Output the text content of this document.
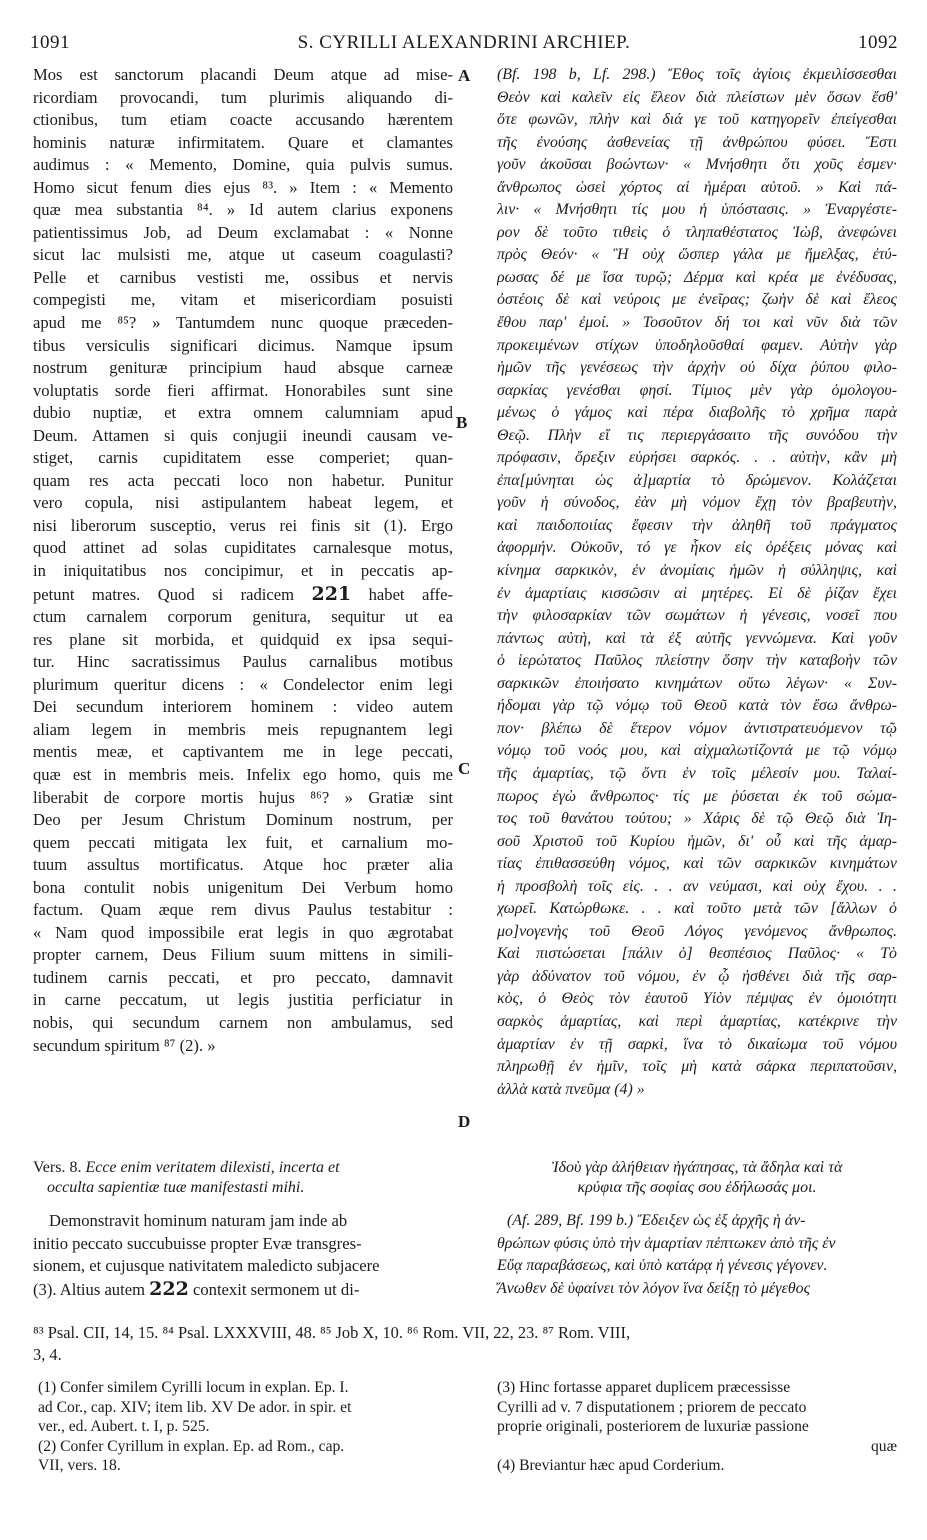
1091	S. CYRILLI ALEXANDRINI ARCHIEP.	1092
A
B
C
D
Mos est sanctorum placandi Deum atque ad mise-
ricordiam provocandi, tum plurimis aliquando di-
ctionibus, tum etiam coacte accusando hærentem
hominis naturæ infirmitatem. Quare et clamantes
audimus : « Memento, Domine, quia pulvis sumus.
Homo sicut fenum dies ejus ⁸³. » Item : « Memento
quæ mea substantia ⁸⁴. » Id autem clarius exponens
patientissimus Job, ad Deum exclamabat : « Nonne
sicut lac mulsisti me, atque ut caseum coagulasti?
Pelle et carnibus vestisti me, ossibus et nervis
compegisti me, vitam et misericordiam posuisti
apud me ⁸⁵? » Tantumdem nunc quoque præceden-
tibus versiculis significari dicimus. Namque ipsum
nostrum genituræ principium haud absque carneæ
voluptatis sorde fieri affirmat. Honorabiles sunt sine
dubio nuptiæ, et extra omnem calumniam apud
Deum. Attamen si quis conjugii ineundi causam ve-
stiget, carnis cupiditatem esse comperiet; quan-
quam res acta peccati loco non habetur. Punitur
vero copula, nisi astipulantem habeat legem, et
nisi liberorum susceptio, verus rei finis sit (1). Ergo
quod attinet ad solas cupiditates carnalesque motus,
in iniquitatibus nos concipimur, et in peccatis ap-
petunt matres. Quod si radicem 221 habet affe-
ctum carnalem corporum genitura, sequitur ut ea
res plane sit morbida, et quidquid ex ipsa sequi-
tur. Hinc sacratissimus Paulus carnalibus motibus
plurimum queritur dicens : « Condelector enim legi
Dei secundum interiorem hominem : video autem
aliam legem in membris meis repugnantem legi
mentis meæ, et captivantem me in lege peccati,
quæ est in membris meis. Infelix ego homo, quis me
liberabit de corpore mortis hujus ⁸⁶? » Gratiæ sint
Deo per Jesum Christum Dominum nostrum, per
quem peccati mitigata lex fuit, et carnalium mo-
tuum assultus mortificatus. Atque hoc præter alia
bona contulit nobis unigenitum Dei Verbum homo
factum. Quam æque rem divus Paulus testabitur :
« Nam quod impossibile erat legis in quo ægrotabat
propter carnem, Deus Filium suum mittens in simili-
tudinem carnis peccati, et pro peccato, damnavit
in carne peccatum, ut legis justitia perficiatur in
nobis, qui secundum carnem non ambulamus, sed
secundum spiritum ⁸⁷ (2). »
(Bf. 198 b, Lf. 298.) Ἔθος τοῖς ἁγίοις ἐκμειλίσσεσθαι
Θεὸν καὶ καλεῖν εἰς ἔλεον διὰ πλείστων μὲν ὅσων ἔσθ'
ὅτε φωνῶν, πλὴν καὶ διά γε τοῦ κατηγορεῖν ἐπείγεσθαι
τῆς ἐνούσης ἀσθενείας τῇ ἀνθρώπου φύσει. Ἔστι
γοῦν ἀκοῦσαι βοώντων· « Μνήσθητι ὅτι χοῦς ἐσμεν·
ἄνθρωπος ὡσεὶ χόρτος αἱ ἡμέραι αὐτοῦ. » Καὶ πά-
λιν· « Μνήσθητι τίς μου ἡ ὑπόστασις. » Ἐναργέστε-
ρον δὲ τοῦτο τιθεὶς ὁ τληπαθέστατος Ἰὼβ, ἀνεφώνει
πρὸς Θεόν· « Ἢ οὐχ ὥσπερ γάλα με ἤμελξας, ἐτύ-
ρωσας δέ με ἴσα τυρῷ; Δέρμα καὶ κρέα με ἐνέδυσας,
ὀστέοις δὲ καὶ νεύροις με ἐνεῖρας; ζωὴν δὲ καὶ ἔλεος
ἔθου παρ' ἐμοί. » Τοσοῦτον δή τοι καὶ νῦν διὰ τῶν
προκειμένων στίχων ὑποδηλοῦσθαί φαμεν. Αὐτὴν γὰρ
ἡμῶν τῆς γενέσεως τὴν ἀρχὴν οὐ δίχα ῥύπου φιλο-
σαρκίας γενέσθαι φησί. Τίμιος μὲν γὰρ ὁμολογου-
μένως ὁ γάμος καὶ πέρα διαβολῆς τὸ χρῆμα παρὰ
Θεῷ. Πλὴν εἴ τις περιεργάσαιτο τῆς συνόδου τὴν
πρόφασιν, ὄρεξιν εὑρήσει σαρκός. . . αὐτὴν, κἂν μὴ
ἐπα[μύνηται ὡς ἁ]μαρτία τὸ δρώμενον. Κολάζεται
γοῦν ἡ σύνοδος, ἐὰν μὴ νόμον ἔχῃ τὸν βραβευτὴν,
καὶ παιδοποιίας ἔφεσιν τὴν ἀληθῆ τοῦ πράγματος
ἀφορμήν. Οὐκοῦν, τό γε ἧκον εἰς ὀρέξεις μόνας καὶ
κίνημα σαρκικὸν, ἐν ἀνομίαις ἡμῶν ἡ σύλληψις, καὶ
ἐν ἁμαρτίαις κισσῶσιν αἱ μητέρες. Εἰ δὲ ῥίζαν ἔχει
τὴν φιλοσαρκίαν τῶν σωμάτων ἡ γένεσις, νοσεῖ που
πάντως αὐτὴ, καὶ τὰ ἐξ αὐτῆς γεννώμενα. Καὶ γοῦν
ὁ ἱερώτατος Παῦλος πλείστην ὅσην τὴν καταβοὴν τῶν
σαρκικῶν ἐποιήσατο κινημάτων οὕτω λέγων· « Συν-
ήδομαι γὰρ τῷ νόμῳ τοῦ Θεοῦ κατὰ τὸν ἔσω ἄνθρω-
πον· βλέπω δὲ ἕτερον νόμον ἀντιστρατευόμενον τῷ
νόμῳ τοῦ νοός μου, καὶ αἰχμαλωτίζοντά με τῷ νόμῳ
τῆς ἁμαρτίας, τῷ ὄντι ἐν τοῖς μέλεσίν μου. Ταλαί-
πωρος ἐγὼ ἄνθρωπος· τίς με ῥύσεται ἐκ τοῦ σώμα-
τος τοῦ θανάτου τούτου; » Χάρις δὲ τῷ Θεῷ διὰ Ἰη-
σοῦ Χριστοῦ τοῦ Κυρίου ἡμῶν, δι' οὗ καὶ τῆς ἁμαρ-
τίας ἐπιθασσεύθη νόμος, καὶ τῶν σαρκικῶν κινημάτων
ἡ προσβολὴ τοῖς εἰς. . . αν νεύμασι, καὶ οὐχ ἔχου. . .
χωρεῖ. Κατώρθωκε. . . καὶ τοῦτο μετὰ τῶν [ἄλλων ὁ
μο]νογενὴς τοῦ Θεοῦ Λόγος γενόμενος ἄνθρωπος.
Καὶ πιστώσεται [πάλιν ὁ] θεσπέσιος Παῦλος· « Τὸ
γὰρ ἀδύνατον τοῦ νόμου, ἐν ᾧ ἠσθένει διὰ τῆς σαρ-
κὸς, ὁ Θεὸς τὸν ἑαυτοῦ Υἱὸν πέμψας ἐν ὁμοιότητι
σαρκὸς ἁμαρτίας, καὶ περὶ ἁμαρτίας, κατέκρινε τὴν
ἁμαρτίαν ἐν τῇ σαρκὶ, ἵνα τὸ δικαίωμα τοῦ νόμου
πληρωθῇ ἐν ἡμῖν, τοῖς μὴ κατὰ σάρκα περιπατοῦσιν,
ἀλλὰ κατὰ πνεῦμα (4) »
Vers. 8. Ecce enim veritatem dilexisti, incerta et
occulta sapientiæ tuæ manifestasti mihi.
Ἰδοὺ γὰρ ἀλήθειαν ἠγάπησας, τὰ ἄδηλα καὶ τὰ
κρύφια τῆς σοφίας σου ἐδήλωσάς μοι.
Demonstravit hominum naturam jam inde ab
initio peccato succubuisse propter Evæ transgres-
sionem, et cujusque nativitatem maledicto subjacere
(3). Altius autem 222 contexit sermonem ut di-
(Af. 289, Bf. 199 b.) Ἔδειξεν ὡς ἐξ ἀρχῆς ἡ ἀν-
θρώπων φύσις ὑπὸ τὴν ἁμαρτίαν πέπτωκεν ἀπὸ τῆς ἐν
Εὔᾳ παραβάσεως, καὶ ὑπὸ κατάρᾳ ἡ γένεσις γέγονεν.
Ἄνωθεν δὲ ὑφαίνει τὸν λόγον ἵνα δείξῃ τὸ μέγεθος
⁸³ Psal. CII, 14, 15. ⁸⁴ Psal. LXXXVIII, 48. ⁸⁵ Job X, 10. ⁸⁶ Rom. VII, 22, 23. ⁸⁷ Rom. VIII,
3, 4.
(1) Confer similem Cyrilli locum in explan. Ep. I.
ad Cor., cap. XIV; item lib. XV De ador. in spir. et
ver., ed. Aubert. t. I, p. 525.
(2) Confer Cyrillum in explan. Ep. ad Rom., cap.
VII, vers. 18.
(3) Hinc fortasse apparet duplicem præcessisse
Cyrilli ad v. 7 disputationem ; priorem de peccato
proprie originali, posteriorem de luxuriæ passione
quæ
(4) Breviantur hæc apud Corderium.
